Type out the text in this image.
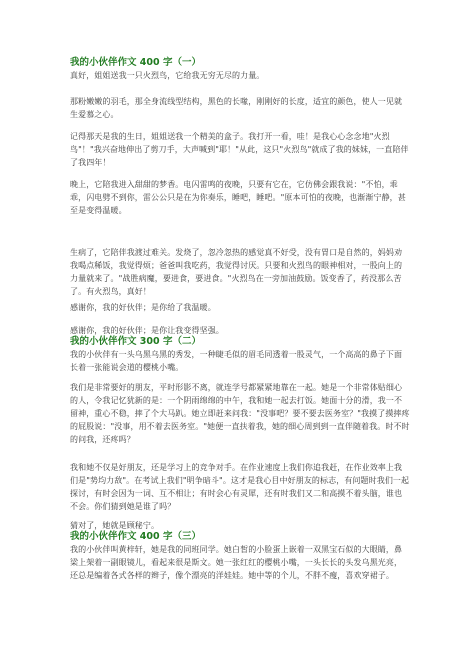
我的小伙伴作文 400 字（一）

真好，姐姐送我一只火烈鸟，它给我无穷无尽的力量。

那粉嫩嫩的羽毛，那全身流线型结构，黑色的长喙，刚刚好的长度，适宜的颜色，使人一见就生爱慕之心。

记得那天是我的生日，姐姐送我一个精美的盒子。我打开一看，哇！是我心心念念地"火烈鸟"！"我兴奋地伸出了剪刀手，大声喊到"耶！"从此，这只"火烈鸟"就成了我的妹妹，一直陪伴了我四年！

晚上，它陪我进入甜甜的梦香。电闪雷鸣的夜晚，只要有它在，它仿佛会跟我说："不怕，乖乖，闪电劈不到你，雷公公只是在为你奏乐，睡吧，睡吧。"原本可怕的夜晚，也渐渐宁静，甚至是变得温暖。

生病了，它陪伴我渡过难关。发烧了，忽冷忽热的感觉真不好受，没有胃口是自然的，妈妈劝我喝点稀饭，我觉得烦；爸爸叫我吃药，我觉得讨厌。只要和火烈鸟的眼神相对，一股向上的力量就来了。"战胜病魔，要进食，要进食。"火烈鸟在一旁加油鼓励。饭变香了，药没那么苦了。有火烈鸟，真好！

感谢你，我的好伙伴；是你给了我温暖。

感谢你，我的好伙伴；是你让我变得坚强。

我的小伙伴作文 300 字（二）

我的小伙伴有一头乌黑乌黑的秀发，一种睫毛似的眉毛同透着一股灵气，一个高高的鼻子下面长着一张能说会道的樱桃小嘴。

我们是非常要好的朋友，平时形影不离，就连学号都紧紧地靠在一起。她是一个非常体贴细心的人，令我记忆犹新的是：一个阴雨绵绵的中午，我和她一起去打饭。她面十分的滑，我一不留神，重心不稳，摔了个大马趴。她立即赶来问我："没事吧？要不要去医务室？"我摸了摸摔疼的屁股说："没事，用不着去医务室。"她便一直扶着我，她的细心周到到一直伴随着我。时不时的问我，还疼吗？

我和她不仅是好朋友，还是学习上的竞争对手。在作业速度上我们你追我赶，在作业效率上我们是"势均力敌"。在考试上我们"明争暗斗"。这才是我心目中好朋友的标志，有问题时我们一起探讨，有时会因为一词、互不相让；有时会心有灵犀，还有时我们又二和高摸不着头脑，谁也不会。你们猜到她是谁了吗？

猜对了，她就是顾秘宁。

我的小伙伴作文 400 字（三）

我的小伙伴叫黄梓轩，她是我的同班同学。她白皙的小脸蛋上嵌着一双黑宝石似的大眼睛，鼻梁上架着一副眼镜儿，看起来很是斯文。她一张红红的樱桃小嘴，一头长长的头发乌黑光亮，还总是编着各式各样的辫子，像个漂亮的洋娃娃。她中等的个儿，不胖不瘦，喜欢穿裙子。
